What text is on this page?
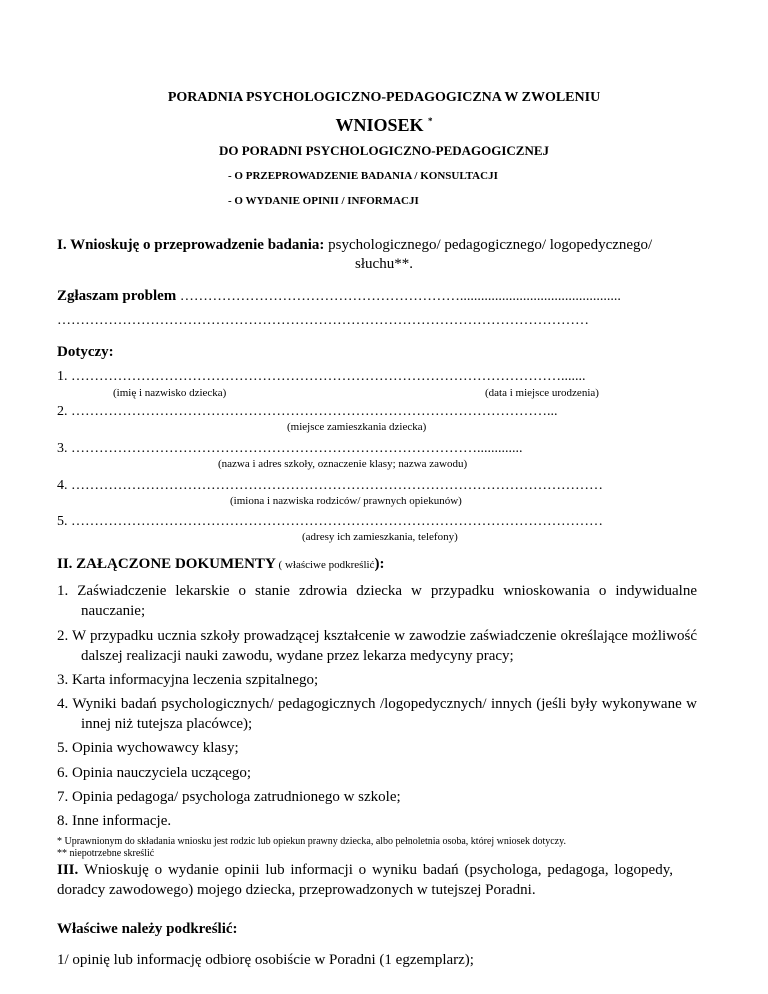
PORADNIA PSYCHOLOGICZNO-PEDAGOGICZNA W ZWOLENIU
WNIOSEK *
DO PORADNI PSYCHOLOGICZNO-PEDAGOGICZNEJ
- O PRZEPROWADZENIE BADANIA / KONSULTACJI
- O WYDANIE OPINII / INFORMACJI
I. Wnioskuję o przeprowadzenie badania: psychologicznego/ pedagogicznego/ logopedycznego/
słuchu**.
Zgłaszam problem ……………………………………………………..............................................
……………………………………………………………………………………………………
Dotyczy:
1. …………………………………………………………………………………………….......
(imię i nazwisko dziecka)	(data i miejsce urodzenia)
2. …………………………………………………………………………………………...
(miejsce zamieszkania dziecka)
3. …………………………………………………………………………….............
(nazwa i adres szkoły, oznaczenie klasy; nazwa zawodu)
4. ……………………………………………………………………………………………………
(imiona i nazwiska rodziców/ prawnych opiekunów)
5. ……………………………………………………………………………………………………
(adresy ich zamieszkania, telefony)
II. ZAŁĄCZONE DOKUMENTY ( właściwe podkreślić):
1. Zaświadczenie lekarskie o stanie zdrowia dziecka w przypadku wnioskowania o indywidualne nauczanie;
2. W przypadku ucznia szkoły prowadzącej kształcenie w zawodzie zaświadczenie określające możliwość dalszej realizacji nauki zawodu, wydane przez lekarza medycyny pracy;
3. Karta informacyjna leczenia szpitalnego;
4. Wyniki badań psychologicznych/ pedagogicznych /logopedycznych/ innych (jeśli były wykonywane w innej niż tutejsza placówce);
5. Opinia wychowawcy klasy;
6. Opinia nauczyciela uczącego;
7. Opinia pedagoga/ psychologa zatrudnionego w szkole;
8. Inne informacje.
* Uprawnionym do składania wniosku jest rodzic lub opiekun prawny dziecka, albo pełnoletnia osoba, której wniosek dotyczy.
** niepotrzebne skreślić
III. Wnioskuję o wydanie opinii lub informacji o wyniku badań (psychologa, pedagoga, logopedy, doradcy zawodowego) mojego dziecka, przeprowadzonych w tutejszej Poradni.
Właściwe należy podkreślić:
1/ opinię lub informację odbiorę osobiście w Poradni (1 egzemplarz);
